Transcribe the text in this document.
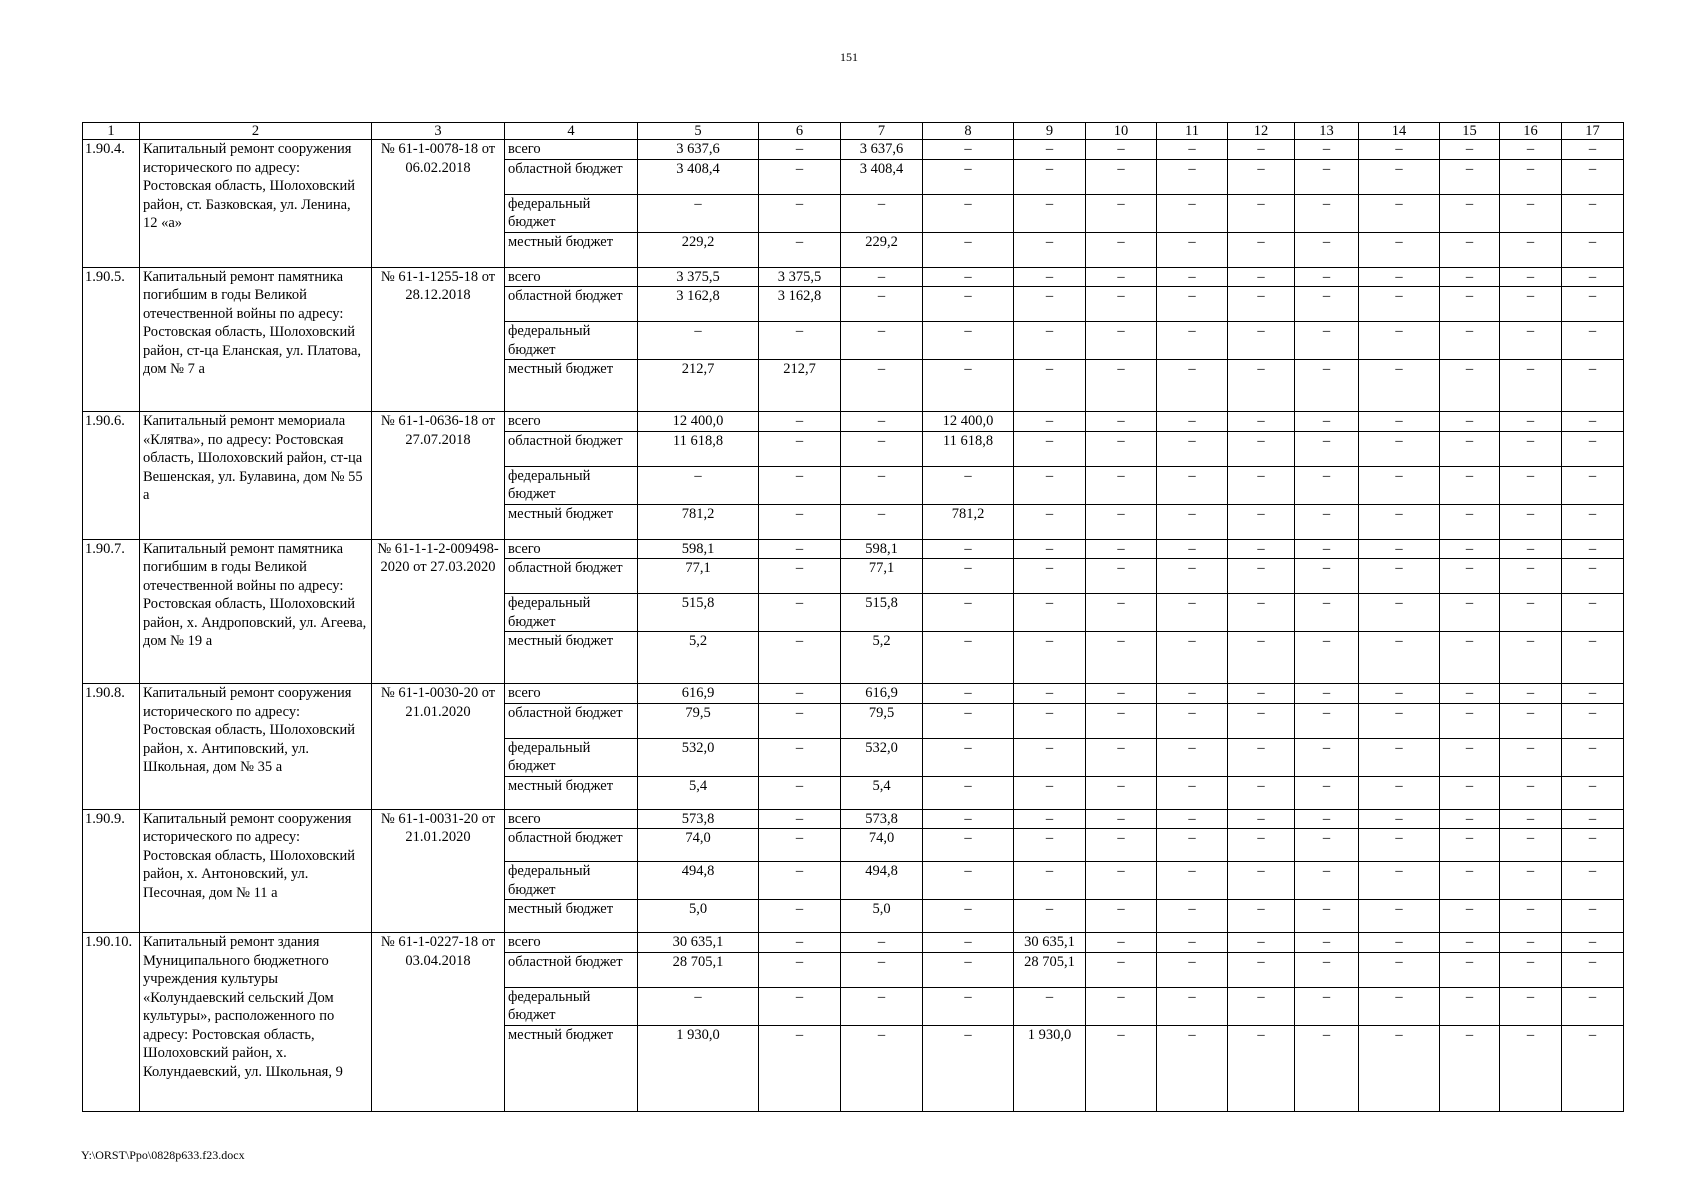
151
1	2	3	4	5	6	7	8	9	10	11	12	13	14	15	16	17
1.90.4.	Капитальный ремонт сооружения исторического по адресу: Ростовская область, Шолоховский район, ст. Базковская, ул. Ленина, 12 «а»	№ 61-1-0078-18 от 06.02.2018	всего	3 637,6	–	3 637,6	–	–	–	–	–	–	–	–	–	–
			областной бюджет	3 408,4	–	3 408,4	–	–	–	–	–	–	–	–	–	–
			федеральный бюджет	–	–	–	–	–	–	–	–	–	–	–	–	–
			местный бюджет	229,2	–	229,2	–	–	–	–	–	–	–	–	–	–
1.90.5.	Капитальный ремонт памятника погибшим в годы Великой отечественной войны по адресу: Ростовская область, Шолоховский район, ст-ца Еланская, ул. Платова, дом № 7 а	№ 61-1-1255-18 от 28.12.2018	всего	3 375,5	3 375,5	–	–	–	–	–	–	–	–	–	–	–
			областной бюджет	3 162,8	3 162,8	–	–	–	–	–	–	–	–	–	–	–
			федеральный бюджет	–	–	–	–	–	–	–	–	–	–	–	–	–
			местный бюджет	212,7	212,7	–	–	–	–	–	–	–	–	–	–	–
1.90.6.	Капитальный ремонт мемориала «Клятва», по адресу: Ростовская область, Шолоховский район, ст-ца Вешенская, ул. Булавина, дом № 55 а	№ 61-1-0636-18 от 27.07.2018	всего	12 400,0	–	–	12 400,0	–	–	–	–	–	–	–	–	–
			областной бюджет	11 618,8	–	–	11 618,8	–	–	–	–	–	–	–	–	–
			федеральный бюджет	–	–	–	–	–	–	–	–	–	–	–	–	–
			местный бюджет	781,2	–	–	781,2	–	–	–	–	–	–	–	–	–
1.90.7.	Капитальный ремонт памятника погибшим в годы Великой отечественной войны по адресу: Ростовская область, Шолоховский район, х. Андроповский, ул. Агеева, дом № 19 а	№ 61-1-1-2-009498-2020 от 27.03.2020	всего	598,1	–	598,1	–	–	–	–	–	–	–	–	–	–
			областной бюджет	77,1	–	77,1	–	–	–	–	–	–	–	–	–	–
			федеральный бюджет	515,8	–	515,8	–	–	–	–	–	–	–	–	–	–
			местный бюджет	5,2	–	5,2	–	–	–	–	–	–	–	–	–	–
1.90.8.	Капитальный ремонт сооружения исторического по адресу: Ростовская область, Шолоховский район, х. Антиповский, ул. Школьная, дом № 35 а	№ 61-1-0030-20 от 21.01.2020	всего	616,9	–	616,9	–	–	–	–	–	–	–	–	–	–
			областной бюджет	79,5	–	79,5	–	–	–	–	–	–	–	–	–	–
			федеральный бюджет	532,0	–	532,0	–	–	–	–	–	–	–	–	–	–
			местный бюджет	5,4	–	5,4	–	–	–	–	–	–	–	–	–	–
1.90.9.	Капитальный ремонт сооружения исторического по адресу: Ростовская область, Шолоховский район, х. Антоновский, ул. Песочная, дом № 11 а	№ 61-1-0031-20 от 21.01.2020	всего	573,8	–	573,8	–	–	–	–	–	–	–	–	–	–
			областной бюджет	74,0	–	74,0	–	–	–	–	–	–	–	–	–	–
			федеральный бюджет	494,8	–	494,8	–	–	–	–	–	–	–	–	–	–
			местный бюджет	5,0	–	5,0	–	–	–	–	–	–	–	–	–	–
1.90.10.	Капитальный ремонт здания Муниципального бюджетного учреждения культуры «Колундаевский сельский Дом культуры», расположенного по адресу: Ростовская область, Шолоховский район, х. Колундаевский, ул. Школьная, 9	№ 61-1-0227-18 от 03.04.2018	всего	30 635,1	–	–	–	30 635,1	–	–	–	–	–	–	–	–
			областной бюджет	28 705,1	–	–	–	28 705,1	–	–	–	–	–	–	–	–
			федеральный бюджет	–	–	–	–	–	–	–	–	–	–	–	–	–
			местный бюджет	1 930,0	–	–	–	1 930,0	–	–	–	–	–	–	–	–
Y:\ORST\Ppo\0828p633.f23.docx
